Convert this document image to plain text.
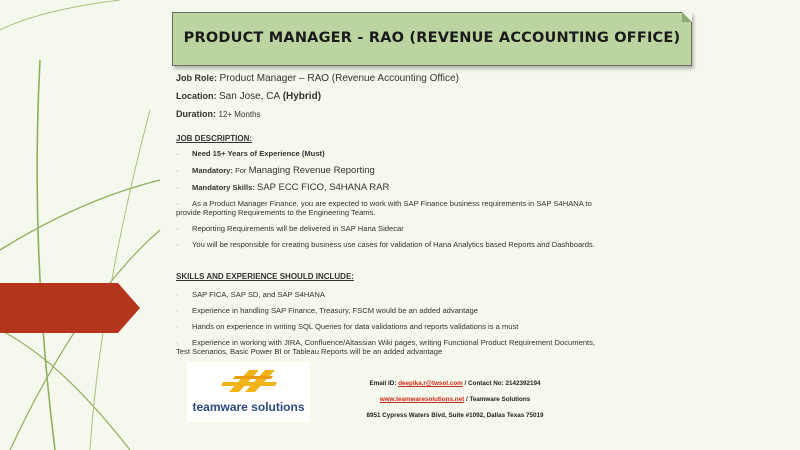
PRODUCT MANAGER - RAO (REVENUE ACCOUNTING OFFICE)
Job Role: Product Manager – RAO (Revenue Accounting Office)
Location: San Jose, CA (Hybrid)
Duration: 12+ Months
JOB DESCRIPTION:
· Need 15+ Years of Experience (Must)
· Mandatory: For Managing Revenue Reporting
· Mandatory Skills: SAP ECC FICO, S4HANA RAR
· As a Product Manager Finance, you are expected to work with SAP Finance business requirements in SAP S4HANA to
provide Reporting Requirements to the Engineering Teams.
· Reporting Requirements will be delivered in SAP Hana Sidecar
· You will be responsible for creating business use cases for validation of Hana Analytics based Reports and Dashboards.
SKILLS AND EXPERIENCE SHOULD INCLUDE:
· SAP FICA, SAP SD, and SAP S4HANA
· Experience in handling SAP Finance, Treasury, FSCM would be an added advantage
· Hands on experience in writing SQL Queries for data validations and reports validations is a must
· Experience in working with JIRA, Confluence/Altassian Wiki pages, writing Functional Product Requirement Documents,
Test Scenarios, Basic Power BI or Tableau Reports will be an added advantage
teamware solutions
Email ID: deepika.r@twsol.com / Contact No: 2142392194
www.teamwaresolutions.net / Teamware Solutions
8951 Cypress Waters Blvd, Suite #1092, Dallas Texas 75019
